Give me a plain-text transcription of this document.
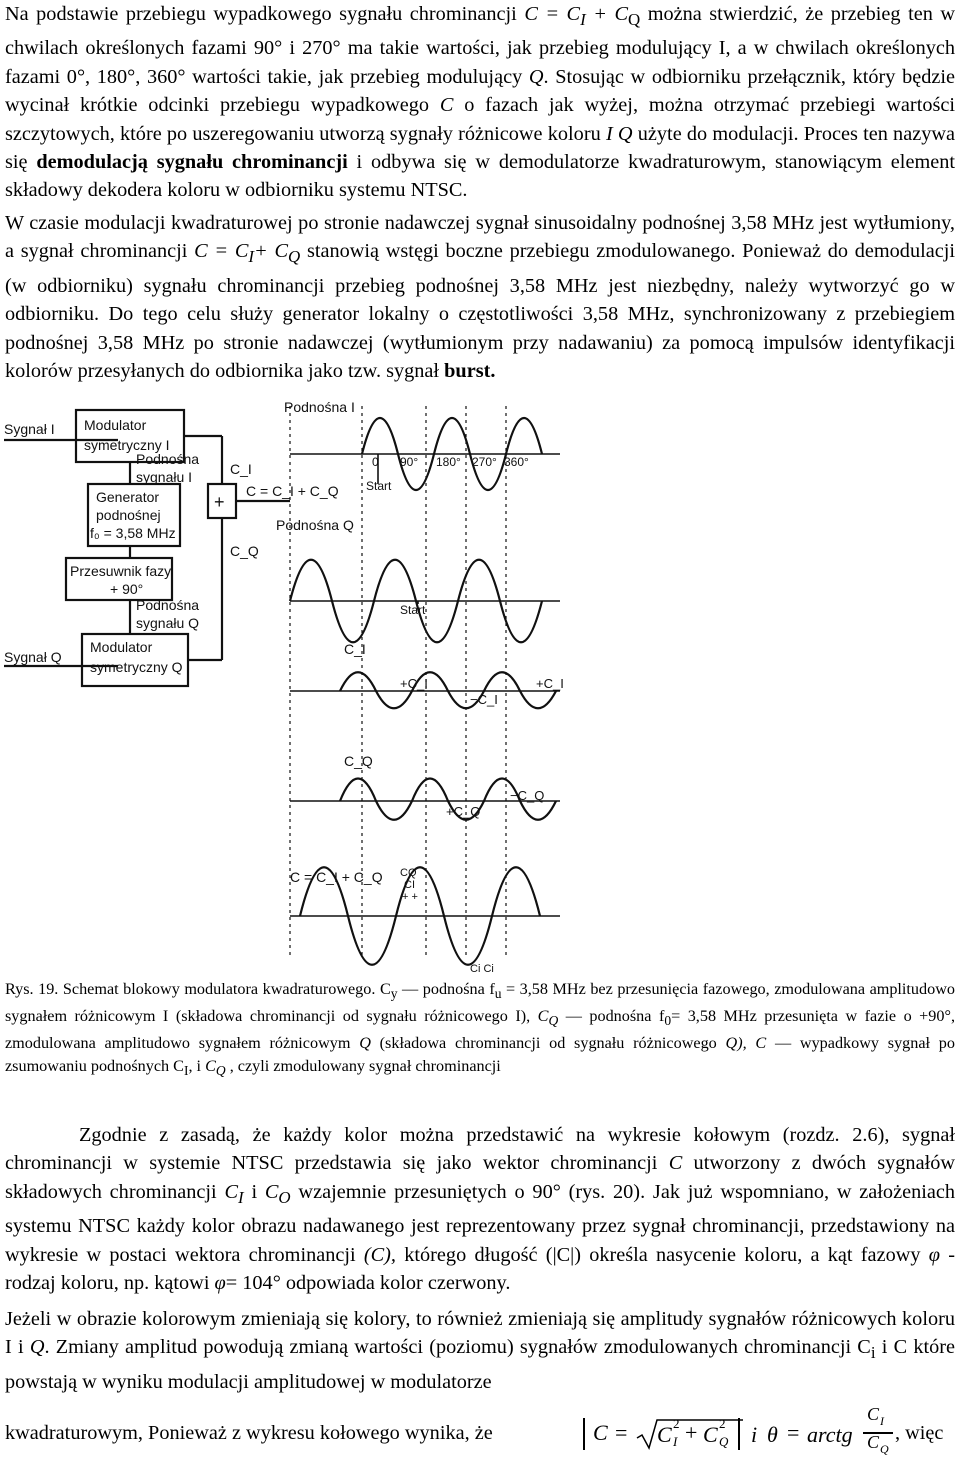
Na podstawie przebiegu wypadkowego sygnału chrominancji $C = C_I + C_Q$ można stwierdzić, że przebieg ten w chwilach określonych fazami 90° i 270° ma takie wartości, jak przebieg modulujący I, a w chwilach określonych fazami 0°, 180°, 360° wartości takie, jak przebieg modulujący Q. Stosując w odbiorniku przełącznik, który będzie wycinał krótkie odcinki przebiegu wypadkowego C o fazach jak wyżej, można otrzymać przebiegi wartości szczytowych, które po uszeregowaniu utworzą sygnały różnicowe koloru I Q użyte do modulacji. Proces ten nazywa się demodulacją sygnału chrominancji i odbywa się w demodulatorze kwadraturowym, stanowiącym element składowy dekodera koloru w odbiorniku systemu NTSC.

W czasie modulacji kwadraturowej po stronie nadawczej sygnał sinusoidalny podnośnej 3,58 MHz jest wytłumiony, a sygnał chrominancji $C = C_I+ C_Q$ stanowią wstęgi boczne przebiegu zmodulowanego. Ponieważ do demodulacji (w odbiorniku) sygnału chrominancji przebieg podnośnej 3,58 MHz jest niezbędny, należy wytworzyć go w odbiorniku. Do tego celu służy generator lokalny o częstotliwości 3,58 MHz, synchronizowany z przebiegiem podnośnej 3,58 MHz po stronie nadawczej (wytłumionym przy nadawaniu) za pomocą impulsów identyfikacji kolorów przesyłanych do odbiornika jako tzw. sygnał burst.

Sygnał I
Sygnał Q
Modulator
symetryczny I
Podnośna
sygnału I
Generator
podnośnej
f₀ = 3,58 MHz
Przesuwnik fazy
+ 90°
Podnośna
sygnału Q
Modulator
symetryczny Q
+
C_I
C_Q
C = C_I + C_Q
Podnośna I
Podnośna Q
Start
Start
0 90° 180° 270° 360°
C_I
+C_I	+C_I
−C_I
C_Q
−C_Q
+C_Q
C = C_I + C_Q CQ
CI
+ +
Ci Ci

Rys. 19. Schemat blokowy modulatora kwadraturowego. $C_y$ — podnośna $f_u = 3,58$ MHz bez przesunięcia fazowego, zmodulowana amplitudowo sygnałem różnicowym I (składowa chrominancji od sygnału różnicowego I), $C_Q$ — podnośna $f_0= 3,58$ MHz przesunięta w fazie o +90°, zmodulowana amplitudowo sygnałem różnicowym Q (składowa chrominancji od sygnału różnicowego Q), C — wypadkowy sygnał po zsumowaniu podnośnych $C_I$, i $C_Q$ , czyli zmodulowany sygnał chrominancji

Zgodnie z zasadą, że każdy kolor można przedstawić na wykresie kołowym (rozdz. 2.6), sygnał chrominancji w systemie NTSC przedstawia się jako wektor chrominancji C utworzony z dwóch sygnałów składowych chrominancji $C_I$ i $C_O$ wzajemnie przesuniętych o 90° (rys. 20). Jak już wspomniano, w założeniach systemu NTSC każdy kolor obrazu nadawanego jest reprezentowany przez sygnał chrominancji, przedstawiony na wykresie w postaci wektora chrominancji (C), którego długość (|C|) określa nasycenie koloru, a kąt fazowy φ - rodzaj koloru, np. kątowi φ= 104° odpowiada kolor czerwony.

Jeżeli w obrazie kolorowym zmieniają się kolory, to również zmieniają się amplitudy sygnałów różnicowych koloru I i Q. Zmiany amplitud powodują zmianą wartości (poziomu) sygnałów zmodulowanych chrominancji $C_i$ i C które powstają w wyniku modulacji amplitudowej w modulatorze

kwadraturowym, Ponieważ z wykresu kołowego wynika, że	C = C I
2 + C Q
2 i θ = arctg
C I
C Q
, więc
